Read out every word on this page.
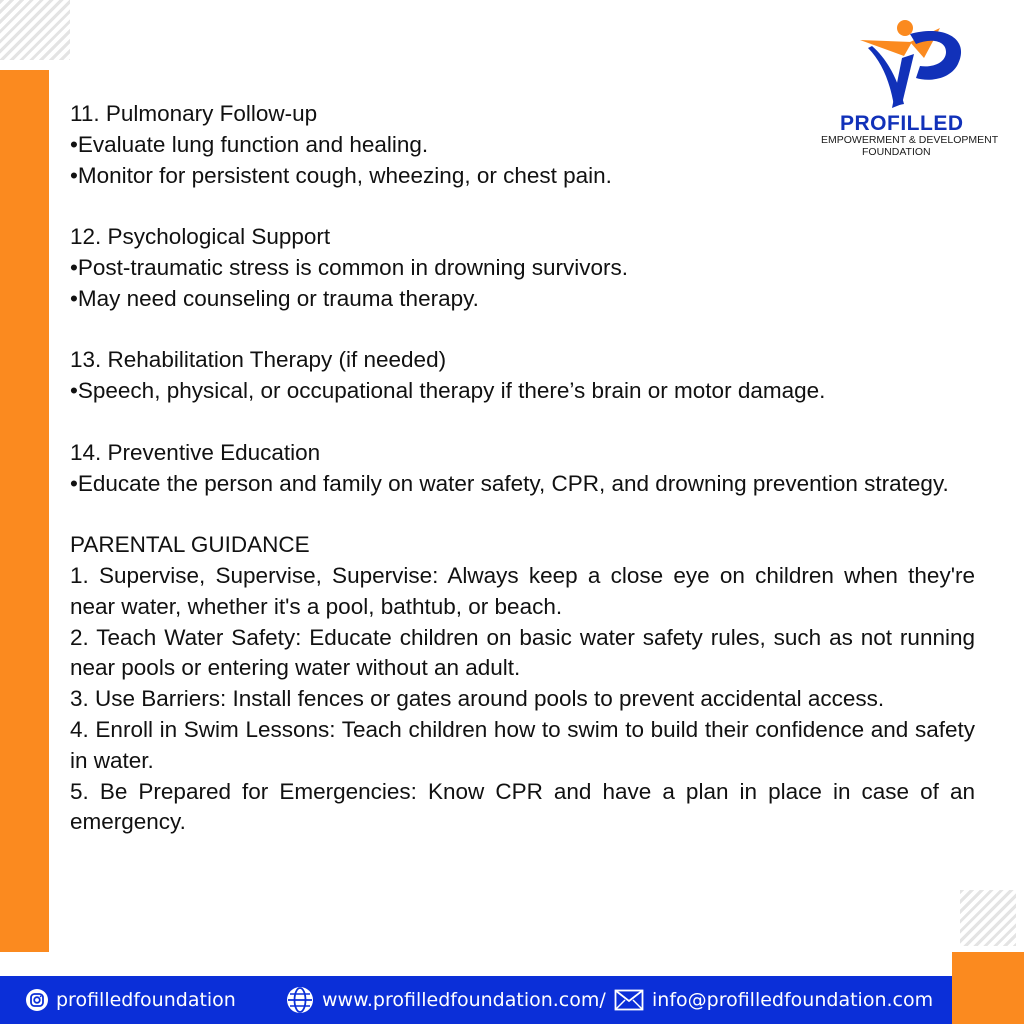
PROFILLED
EMPOWERMENT & DEVELOPMENT
FOUNDATION

11. Pulmonary Follow-up

•Evaluate lung function and healing.

•Monitor for persistent cough, wheezing, or chest pain.

12. Psychological Support

•Post-traumatic stress is common in drowning survivors.

•May need counseling or trauma therapy.

13. Rehabilitation Therapy (if needed)

•Speech, physical, or occupational therapy if there’s brain or motor damage.

14. Preventive Education

•Educate the person and family on water safety, CPR, and drowning prevention strategy.

PARENTAL GUIDANCE

1. Supervise, Supervise, Supervise: Always keep a close eye on children when they're near water, whether it's a pool, bathtub, or beach.

2. Teach Water Safety: Educate children on basic water safety rules, such as not running near pools or entering water without an adult.

3. Use Barriers: Install fences or gates around pools to prevent accidental access.

4. Enroll in Swim Lessons: Teach children how to swim to build their confidence and safety in water.

5. Be Prepared for Emergencies: Know CPR and have a plan in place in case of an emergency.

profilledfoundation	www.profilledfoundation.com/ info@profilledfoundation.com
